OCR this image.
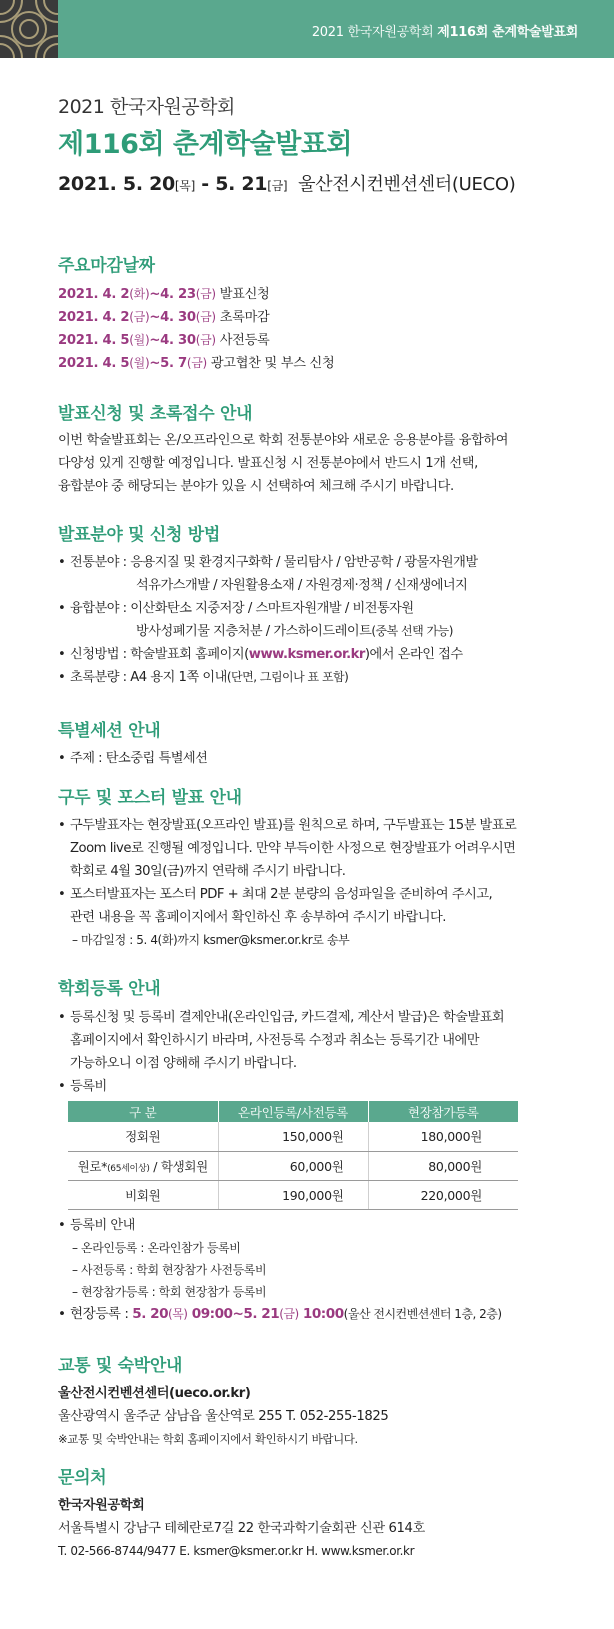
2021 한국자원공학회 제116회 춘계학술발표회
2021 한국자원공학회
제116회 춘계학술발표회
2021. 5. 20[목] - 5. 21[금] 울산전시컨벤션센터(UECO)
주요마감날짜
2021. 4. 2(화)~4. 23(금) 발표신청
2021. 4. 2(금)~4. 30(금) 초록마감
2021. 4. 5(월)~4. 30(금) 사전등록
2021. 4. 5(월)~5. 7(금) 광고협찬 및 부스 신청
발표신청 및 초록접수 안내
이번 학술발표회는 온/오프라인으로 학회 전통분야와 새로운 응용분야를 융합하여
다양성 있게 진행할 예정입니다. 발표신청 시 전통분야에서 반드시 1개 선택,
융합분야 중 해당되는 분야가 있을 시 선택하여 체크해 주시기 바랍니다.
발표분야 및 신청 방법
• 전통분야 : 응용지질 및 환경지구화학 / 물리탐사 / 암반공학 / 광물자원개발
석유가스개발 / 자원활용소재 / 자원경제·정책 / 신재생에너지
• 융합분야 : 이산화탄소 지중저장 / 스마트자원개발 / 비전통자원
방사성폐기물 지층처분 / 가스하이드레이트(중복 선택 가능)
• 신청방법 : 학술발표회 홈페이지(www.ksmer.or.kr)에서 온라인 접수
• 초록분량 : A4 용지 1쪽 이내(단면, 그림이나 표 포함)
특별세션 안내
• 주제 : 탄소중립 특별세션
구두 및 포스터 발표 안내
• 구두발표자는 현장발표(오프라인 발표)를 원칙으로 하며, 구두발표는 15분 발표로
Zoom live로 진행될 예정입니다. 만약 부득이한 사정으로 현장발표가 어려우시면
학회로 4월 30일(금)까지 연락해 주시기 바랍니다.
• 포스터발표자는 포스터 PDF + 최대 2분 분량의 음성파일을 준비하여 주시고,
관련 내용을 꼭 홈페이지에서 확인하신 후 송부하여 주시기 바랍니다.
– 마감일정 : 5. 4(화)까지 ksmer@ksmer.or.kr로 송부
학회등록 안내
• 등록신청 및 등록비 결제안내(온라인입금, 카드결제, 계산서 발급)은 학술발표회
홈페이지에서 확인하시기 바라며, 사전등록 수정과 취소는 등록기간 내에만
가능하오니 이점 양해해 주시기 바랍니다.
• 등록비
구 분	온라인등록/사전등록	현장참가등록
정회원	150,000원	180,000원
원로*(65세이상) / 학생회원	60,000원	80,000원
비회원	190,000원	220,000원
• 등록비 안내
– 온라인등록 : 온라인참가 등록비
– 사전등록 : 학회 현장참가 사전등록비
– 현장참가등록 : 학회 현장참가 등록비
• 현장등록 : 5. 20(목) 09:00~5. 21(금) 10:00(울산 전시컨벤션센터 1층, 2층)
교통 및 숙박안내
울산전시컨벤션센터(ueco.or.kr)
울산광역시 울주군 삼남읍 울산역로 255 T. 052-255-1825
※교통 및 숙박안내는 학회 홈페이지에서 확인하시기 바랍니다.
문의처
한국자원공학회
서울특별시 강남구 테헤란로7길 22 한국과학기술회관 신관 614호
T. 02-566-8744/9477 E. ksmer@ksmer.or.kr H. www.ksmer.or.kr
